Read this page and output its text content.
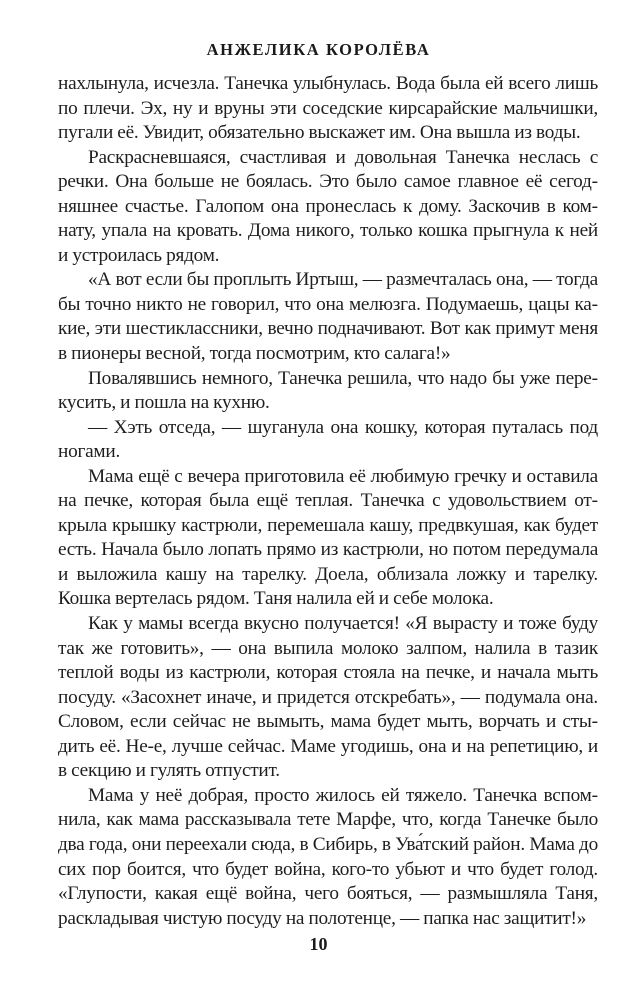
АНЖЕЛИКА КОРОЛЁВА

нахлынула, исчезла. Танечка улыбнулась. Вода была ей всего лишь по плечи. Эх, ну и вруны эти соседские кирсарайские мальчишки, пугали её. Увидит, обязательно выскажет им. Она вышла из воды.

Раскрасневшаяся, счастливая и довольная Танечка неслась с речки. Она больше не боялась. Это было самое главное её сегодняшнее счастье. Галопом она пронеслась к дому. Заскочив в комнату, упала на кровать. Дома никого, только кошка прыгнула к ней и устроилась рядом.

«А вот если бы проплыть Иртыш, — размечталась она, — тогда бы точно никто не говорил, что она мелюзга. Подумаешь, цацы какие, эти шестиклассники, вечно подначивают. Вот как примут меня в пионеры весной, тогда посмотрим, кто салага!»

Повалявшись немного, Танечка решила, что надо бы уже перекусить, и пошла на кухню.

— Хэть отседа, — шуганула она кошку, которая путалась под ногами.

Мама ещё с вечера приготовила её любимую гречку и оставила на печке, которая была ещё теплая. Танечка с удовольствием открыла крышку кастрюли, перемешала кашу, предвкушая, как будет есть. Начала было лопать прямо из кастрюли, но потом передумала и выложила кашу на тарелку. Доела, облизала ложку и тарелку. Кошка вертелась рядом. Таня налила ей и себе молока.

Как у мамы всегда вкусно получается! «Я вырасту и тоже буду так же готовить», — она выпила молоко залпом, налила в тазик теплой воды из кастрюли, которая стояла на печке, и начала мыть посуду. «Засохнет иначе, и придется отскребать», — подумала она. Словом, если сейчас не вымыть, мама будет мыть, ворчать и стыдить её. Не-е, лучше сейчас. Маме угодишь, она и на репетицию, и в секцию и гулять отпустит.

Мама у неё добрая, просто жилось ей тяжело. Танечка вспомнила, как мама рассказывала тете Марфе, что, когда Танечке было два года, они переехали сюда, в Сибирь, в Ува́тский район. Мама до сих пор боится, что будет война, кого-то убьют и что будет голод. «Глупости, какая ещё война, чего бояться, — размышляла Таня, раскладывая чистую посуду на полотенце, — папка нас защитит!»

10
